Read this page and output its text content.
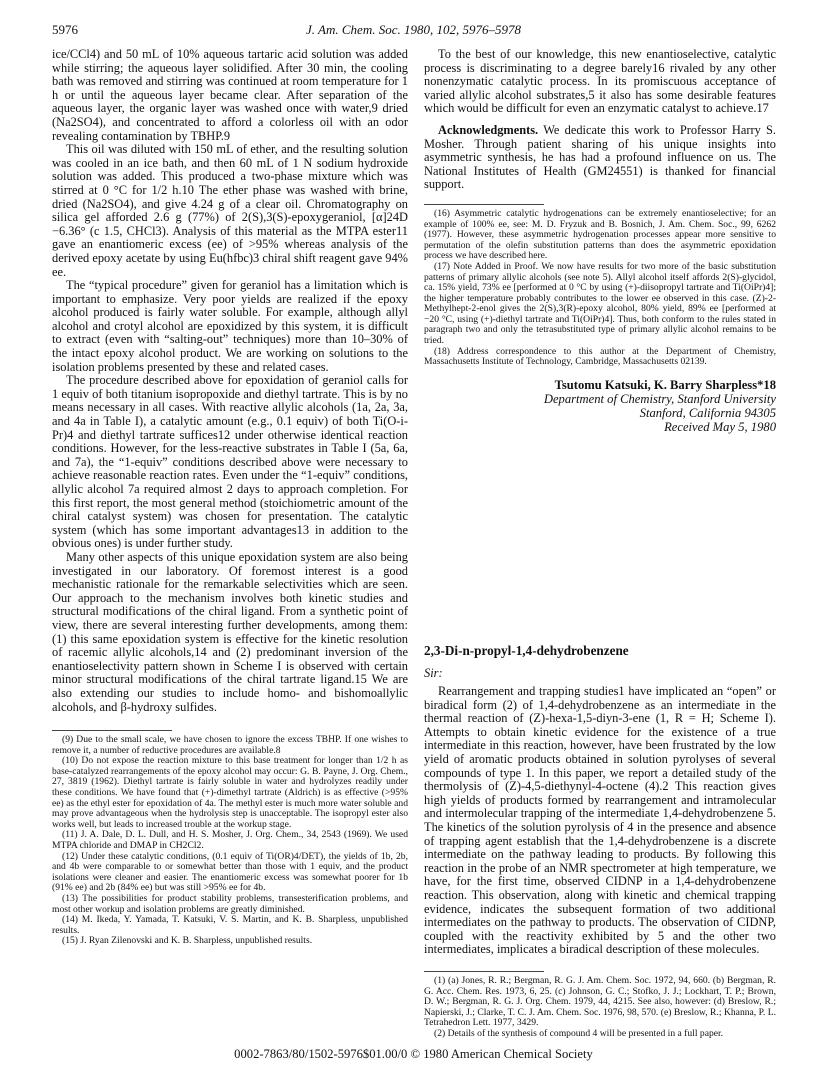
5976	J. Am. Chem. Soc. 1980, 102, 5976–5978

ice/CCl4) and 50 mL of 10% aqueous tartaric acid solution was added while stirring; the aqueous layer solidified. After 30 min, the cooling bath was removed and stirring was continued at room temperature for 1 h or until the aqueous layer became clear. After separation of the aqueous layer, the organic layer was washed once with water,9 dried (Na2SO4), and concentrated to afford a colorless oil with an odor revealing contamination by TBHP.9

This oil was diluted with 150 mL of ether, and the resulting solution was cooled in an ice bath, and then 60 mL of 1 N sodium hydroxide solution was added. This produced a two-phase mixture which was stirred at 0 °C for 1/2 h.10 The ether phase was washed with brine, dried (Na2SO4), and give 4.24 g of a clear oil. Chromatography on silica gel afforded 2.6 g (77%) of 2(S),3(S)-epoxygeraniol, [α]24D −6.36° (c 1.5, CHCl3). Analysis of this material as the MTPA ester11 gave an enantiomeric excess (ee) of >95% whereas analysis of the derived epoxy acetate by using Eu(hfbc)3 chiral shift reagent gave 94% ee.

The “typical procedure” given for geraniol has a limitation which is important to emphasize. Very poor yields are realized if the epoxy alcohol produced is fairly water soluble. For example, although allyl alcohol and crotyl alcohol are epoxidized by this system, it is difficult to extract (even with “salting-out” techniques) more than 10–30% of the intact epoxy alcohol product. We are working on solutions to the isolation problems presented by these and related cases.

The procedure described above for epoxidation of geraniol calls for 1 equiv of both titanium isopropoxide and diethyl tartrate. This is by no means necessary in all cases. With reactive allylic alcohols (1a, 2a, 3a, and 4a in Table I), a catalytic amount (e.g., 0.1 equiv) of both Ti(O-i-Pr)4 and diethyl tartrate suffices12 under otherwise identical reaction conditions. However, for the less-reactive substrates in Table I (5a, 6a, and 7a), the “1-equiv” conditions described above were necessary to achieve reasonable reaction rates. Even under the “1-equiv” conditions, allylic alcohol 7a required almost 2 days to approach completion. For this first report, the most general method (stoichiometric amount of the chiral catalyst system) was chosen for presentation. The catalytic system (which has some important advantages13 in addition to the obvious ones) is under further study.

Many other aspects of this unique epoxidation system are also being investigated in our laboratory. Of foremost interest is a good mechanistic rationale for the remarkable selectivities which are seen. Our approach to the mechanism involves both kinetic studies and structural modifications of the chiral ligand. From a synthetic point of view, there are several interesting further developments, among them: (1) this same epoxidation system is effective for the kinetic resolution of racemic allylic alcohols,14 and (2) predominant inversion of the enantioselectivity pattern shown in Scheme I is observed with certain minor structural modifications of the chiral tartrate ligand.15 We are also extending our studies to include homo- and bishomoallylic alcohols, and β-hydroxy sulfides.

(9) Due to the small scale, we have chosen to ignore the excess TBHP. If one wishes to remove it, a number of reductive procedures are available.8

(10) Do not expose the reaction mixture to this base treatment for longer than 1/2 h as base-catalyzed rearrangements of the epoxy alcohol may occur: G. B. Payne, J. Org. Chem., 27, 3819 (1962). Diethyl tartrate is fairly soluble in water and hydrolyzes readily under these conditions. We have found that (+)-dimethyl tartrate (Aldrich) is as effective (>95% ee) as the ethyl ester for epoxidation of 4a. The methyl ester is much more water soluble and may prove advantageous when the hydrolysis step is unacceptable. The isopropyl ester also works well, but leads to increased trouble at the workup stage.

(11) J. A. Dale, D. L. Dull, and H. S. Mosher, J. Org. Chem., 34, 2543 (1969). We used MTPA chloride and DMAP in CH2Cl2.

(12) Under these catalytic conditions, (0.1 equiv of Ti(OR)4/DET), the yields of 1b, 2b, and 4b were comparable to or somewhat better than those with 1 equiv, and the product isolations were cleaner and easier. The enantiomeric excess was somewhat poorer for 1b (91% ee) and 2b (84% ee) but was still >95% ee for 4b.

(13) The possibilities for product stability problems, transesterification problems, and most other workup and isolation problems are greatly diminished.

(14) M. Ikeda, Y. Yamada, T. Katsuki, V. S. Martin, and K. B. Sharpless, unpublished results.

(15) J. Ryan Zilenovski and K. B. Sharpless, unpublished results.

To the best of our knowledge, this new enantioselective, catalytic process is discriminating to a degree barely16 rivaled by any other nonenzymatic catalytic process. In its promiscuous acceptance of varied allylic alcohol substrates,5 it also has some desirable features which would be difficult for even an enzymatic catalyst to achieve.17

Acknowledgments. We dedicate this work to Professor Harry S. Mosher. Through patient sharing of his unique insights into asymmetric synthesis, he has had a profound influence on us. The National Institutes of Health (GM24551) is thanked for financial support.

(16) Asymmetric catalytic hydrogenations can be extremely enantioselective; for an example of 100% ee, see: M. D. Fryzuk and B. Bosnich, J. Am. Chem. Soc., 99, 6262 (1977). However, these asymmetric hydrogenation processes appear more sensitive to permutation of the olefin substitution patterns than does the asymmetric epoxidation process we have described here.

(17) Note Added in Proof. We now have results for two more of the basic substitution patterns of primary allylic alcohols (see note 5). Allyl alcohol itself affords 2(S)-glycidol, ca. 15% yield, 73% ee [performed at 0 °C by using (+)-diisopropyl tartrate and Ti(OiPr)4]; the higher temperature probably contributes to the lower ee observed in this case. (Z)-2-Methylhept-2-enol gives the 2(S),3(R)-epoxy alcohol, 80% yield, 89% ee [performed at −20 °C, using (+)-diethyl tartrate and Ti(OiPr)4]. Thus, both conform to the rules stated in paragraph two and only the tetrasubstituted type of primary allylic alcohol remains to be tried.

(18) Address correspondence to this author at the Department of Chemistry, Massachusetts Institute of Technology, Cambridge, Massachusetts 02139.

Tsutomu Katsuki, K. Barry Sharpless*18
Department of Chemistry, Stanford University
Stanford, California 94305
Received May 5, 1980
2,3-Di-n-propyl-1,4-dehydrobenzene
Sir:

Rearrangement and trapping studies1 have implicated an “open” or biradical form (2) of 1,4-dehydrobenzene as an intermediate in the thermal reaction of (Z)-hexa-1,5-diyn-3-ene (1, R = H; Scheme I). Attempts to obtain kinetic evidence for the existence of a true intermediate in this reaction, however, have been frustrated by the low yield of aromatic products obtained in solution pyrolyses of several compounds of type 1. In this paper, we report a detailed study of the thermolysis of (Z)-4,5-diethynyl-4-octene (4).2 This reaction gives high yields of products formed by rearrangement and intramolecular and intermolecular trapping of the intermediate 1,4-dehydrobenzene 5. The kinetics of the solution pyrolysis of 4 in the presence and absence of trapping agent establish that the 1,4-dehydrobenzene is a discrete intermediate on the pathway leading to products. By following this reaction in the probe of an NMR spectrometer at high temperature, we have, for the first time, observed CIDNP in a 1,4-dehydrobenzene reaction. This observation, along with kinetic and chemical trapping evidence, indicates the subsequent formation of two additional intermediates on the pathway to products. The observation of CIDNP, coupled with the reactivity exhibited by 5 and the other two intermediates, implicates a biradical description of these molecules.

(1) (a) Jones, R. R.; Bergman, R. G. J. Am. Chem. Soc. 1972, 94, 660. (b) Bergman, R. G. Acc. Chem. Res. 1973, 6, 25. (c) Johnson, G. C.; Stofko, J. J.; Lockhart, T. P.; Brown, D. W.; Bergman, R. G. J. Org. Chem. 1979, 44, 4215. See also, however: (d) Breslow, R.; Napierski, J.; Clarke, T. C. J. Am. Chem. Soc. 1976, 98, 570. (e) Breslow, R.; Khanna, P. L. Tetrahedron Lett. 1977, 3429.

(2) Details of the synthesis of compound 4 will be presented in a full paper.

0002-7863/80/1502-5976$01.00/0 © 1980 American Chemical Society
